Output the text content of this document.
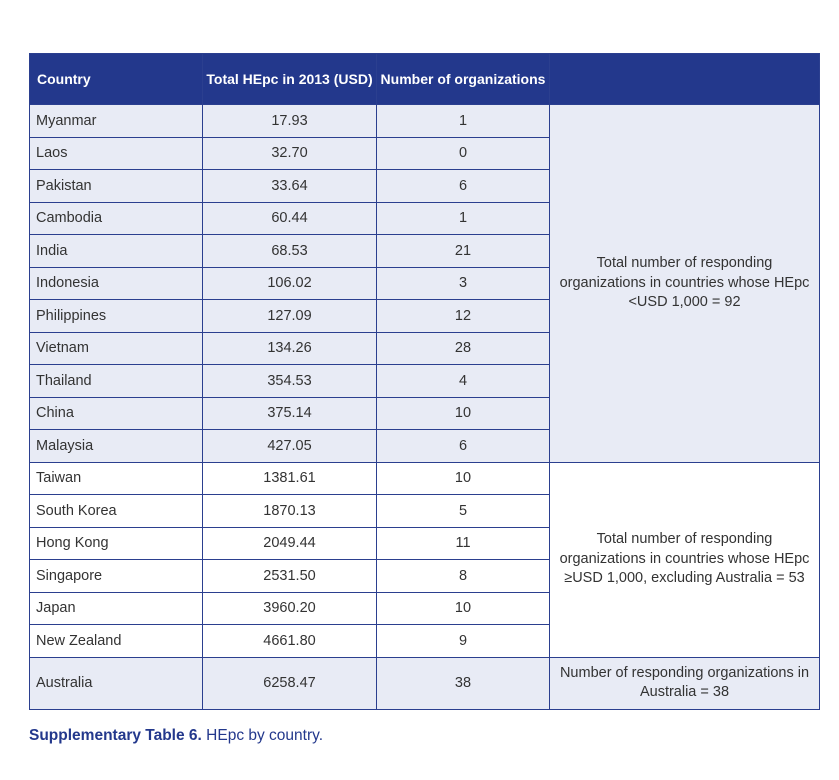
Country	Total HEpc in 2013 (USD)	Number of organizations	
Myanmar	17.93	1	Total number of responding organizations in countries whose HEpc <USD 1,000 = 92
Laos	32.70	0	
Pakistan	33.64	6	
Cambodia	60.44	1	
India	68.53	21	
Indonesia	106.02	3	
Philippines	127.09	12	
Vietnam	134.26	28	
Thailand	354.53	4	
China	375.14	10	
Malaysia	427.05	6	
Taiwan	1381.61	10	Total number of responding organizations in countries whose HEpc ≥USD 1,000, excluding Australia = 53
South Korea	1870.13	5	
Hong Kong	2049.44	11	
Singapore	2531.50	8	
Japan	3960.20	10	
New Zealand	4661.80	9	
Australia	6258.47	38	Number of responding organizations in Australia = 38
Supplementary Table 6. HEpc by country.
